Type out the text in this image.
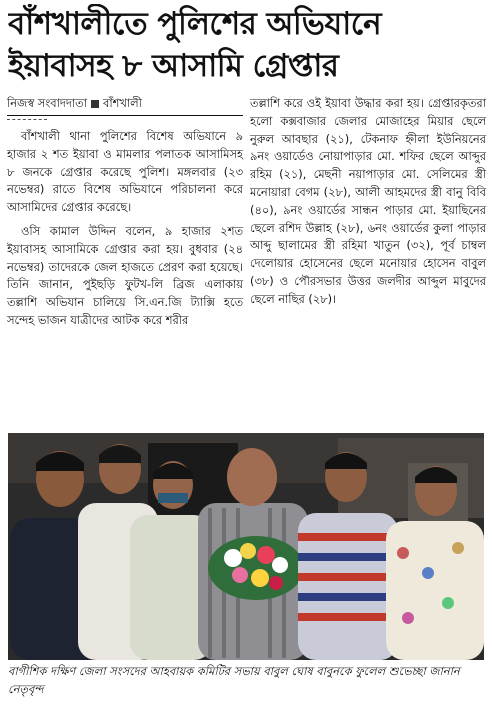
বাঁশখালীতে পুলিশের অভিযানে
ইয়াবাসহ ৮ আসামি গ্রেপ্তার
নিজস্ব সংবাদদাতা বাঁশখালী

বাঁশখালী থানা পুলিশের বিশেষ অভিযানে ৯ হাজার ২ শত ইয়াবা ও মামলার পলাতক আসামিসহ ৮ জনকে গ্রেপ্তার করেছে পুলিশ। মঙ্গলবার (২৩ নভেম্বর) রাতে বিশেষ অভিযানে পরিচালনা করে আসামিদের গ্রেপ্তার করেছে।

ওসি কামাল উদ্দিন বলেন, ৯ হাজার ২শত ইয়াবাসহ আসামিকে গ্রেপ্তার করা হয়। বুধবার (২৪ নভেম্বর) তাদেরকে জেল হাজতে প্রেরণ করা হয়েছে। তিনি জানান, পুইছড়ি ফুটখ-লি ব্রিজ এলাকায় তল্লাশি অভিযান চালিয়ে সি.এন.জি ট্যাক্সি হতে সন্দেহ ভাজন যাত্রীদের আটক করে শরীর

তল্লাশি করে ওই ইয়াবা উদ্ধার করা হয়। গ্রেপ্তারকৃতরা হলো কক্সবাজার জেলার মোজাহের মিয়ার ছেলে নুরুল আবছার (২১), টেকনাফ হ্নীলা ইউনিয়নের ৯নং ওয়ার্ডেও নোয়াপাড়ার মো. শফির ছেলে আব্দুর রহিম (২১), মেছনী নয়াপাড়ার মো. সেলিমের স্ত্রী মনোয়ারা বেগম (২৮), আলী আহমদের স্ত্রী বানু বিবি (৪০), ৯নং ওয়ার্ডের সান্ধন পাড়ার মো. ইয়াছিনের ছেলে রশিদ উল্লাহ (২৮), ৬নং ওয়ার্ডের কুলা পাড়ার আব্দু ছালামের স্ত্রী রহিমা খাতুন (৩২), পূর্ব চাম্বল দেলোয়ার হোসেনের ছেলে মনোয়ার হোসেন বাবুল (৩৮) ও পৌরসভার উত্তর জলদীর আব্দুল মাবুদের ছেলে নাছির (২৮)।

বাগীশিক দক্ষিণ জেলা সংসদের আহবায়ক কমিটির সভায় বাবুল ঘোষ বাবুনকে ফুলেল শুভেচ্ছা জানান নেতৃবৃন্দ
